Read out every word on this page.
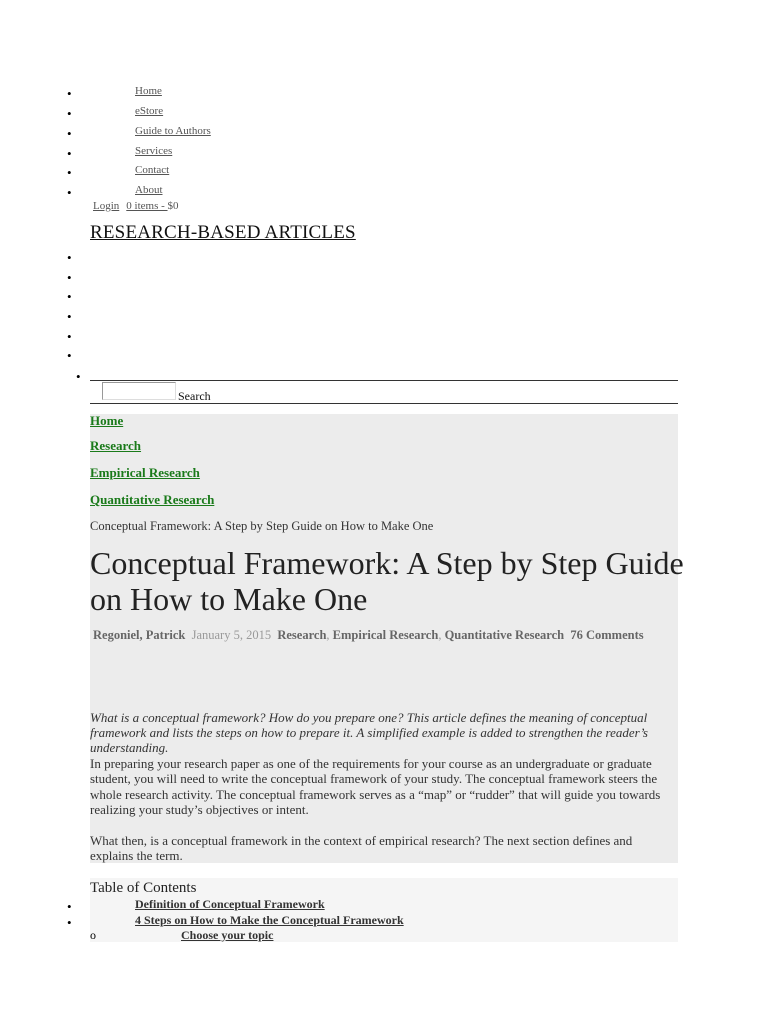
•	Home
•	eStore
•	Guide to Authors
•	Services
•	Contact
•	About
Login 0 items - $0
RESEARCH-BASED ARTICLES
•
•
•
•
•
•
•
Search
Home
Research
Empirical Research
Quantitative Research
Conceptual Framework: A Step by Step Guide on How to Make One
Conceptual Framework: A Step by Step Guide on How to Make One
Regoniel, Patrick January 5, 2015 Research, Empirical Research, Quantitative Research 76 Comments

What is a conceptual framework? How do you prepare one? This article defines the meaning of conceptual framework and lists the steps on how to prepare it. A simplified example is added to strengthen the reader’s understanding.

In preparing your research paper as one of the requirements for your course as an undergraduate or graduate student, you will need to write the conceptual framework of your study. The conceptual framework steers the whole research activity. The conceptual framework serves as a “map” or “rudder” that will guide you towards realizing your study’s objectives or intent.

What then, is a conceptual framework in the context of empirical research? The next section defines and explains the term.

Table of Contents
•	Definition of Conceptual Framework
•	4 Steps on How to Make the Conceptual Framework
o	Choose your topic
